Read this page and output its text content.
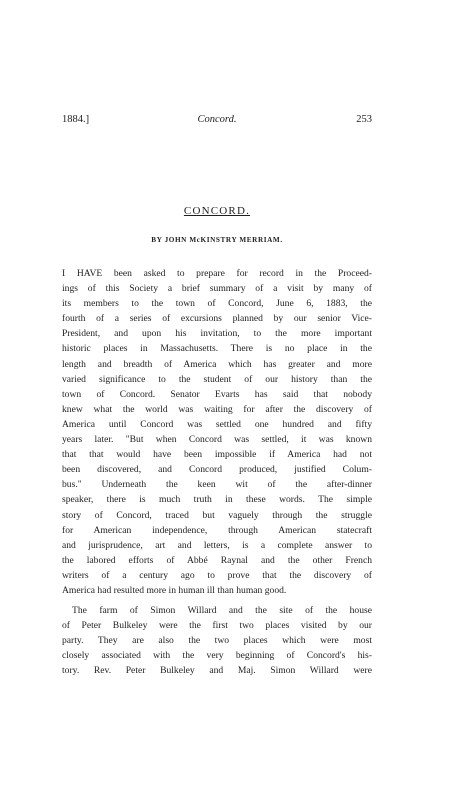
1884.]	Concord.	253
CONCORD.
BY JOHN McKINSTRY MERRIAM.
I HAVE been asked to prepare for record in the Proceed-
ings of this Society a brief summary of a visit by many of
its members to the town of Concord, June 6, 1883, the
fourth of a series of excursions planned by our senior Vice-
President, and upon his invitation, to the more important
historic places in Massachusetts. There is no place in the
length and breadth of America which has greater and more
varied significance to the student of our history than the
town of Concord. Senator Evarts has said that nobody
knew what the world was waiting for after the discovery of
America until Concord was settled one hundred and fifty
years later. "But when Concord was settled, it was known
that that would have been impossible if America had not
been discovered, and Concord produced, justified Colum-
bus." Underneath the keen wit of the after-dinner
speaker, there is much truth in these words. The simple
story of Concord, traced but vaguely through the struggle
for American independence, through American statecraft
and jurisprudence, art and letters, is a complete answer to
the labored efforts of Abbé Raynal and the other French
writers of a century ago to prove that the discovery of
America had resulted more in human ill than human good.
The farm of Simon Willard and the site of the house
of Peter Bulkeley were the first two places visited by our
party. They are also the two places which were most
closely associated with the very beginning of Concord's his-
tory. Rev. Peter Bulkeley and Maj. Simon Willard were
